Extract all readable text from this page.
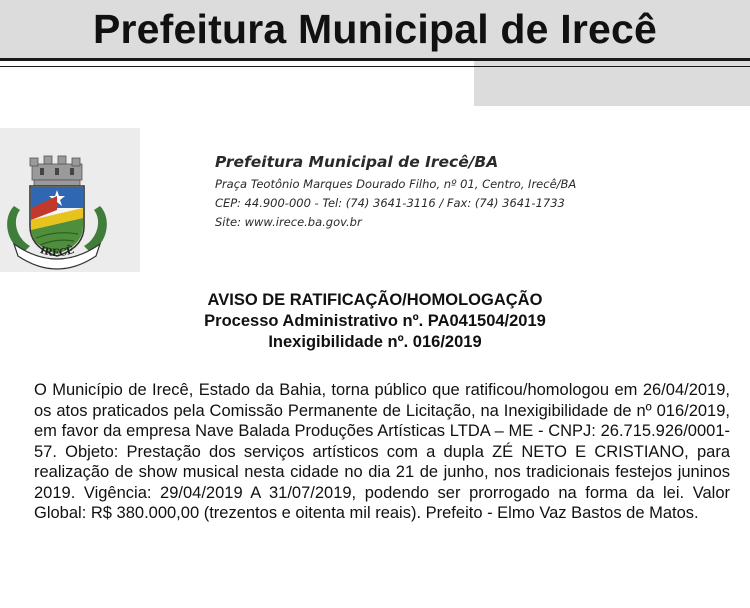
Prefeitura Municipal de Irecê
IRECÊ
Prefeitura Municipal de Irecê/BA
Praça Teotônio Marques Dourado Filho, nº 01, Centro, Irecê/BA
CEP: 44.900-000 - Tel: (74) 3641-3116 / Fax: (74) 3641-1733
Site: www.irece.ba.gov.br
AVISO DE RATIFICAÇÃO/HOMOLOGAÇÃO
Processo Administrativo nº. PA041504/2019
Inexigibilidade nº. 016/2019

O Município de Irecê, Estado da Bahia, torna público que ratificou/homologou em 26/04/2019, os atos praticados pela Comissão Permanente de Licitação, na Inexigibilidade de nº 016/2019, em favor da empresa Nave Balada Produções Artísticas LTDA – ME - CNPJ: 26.715.926/0001-57. Objeto: Prestação dos serviços artísticos com a dupla ZÉ NETO E CRISTIANO, para realização de show musical nesta cidade no dia 21 de junho, nos tradicionais festejos juninos 2019. Vigência: 29/04/2019 A 31/07/2019, podendo ser prorrogado na forma da lei. Valor Global: R$ 380.000,00 (trezentos e oitenta mil reais). Prefeito - Elmo Vaz Bastos de Matos.
